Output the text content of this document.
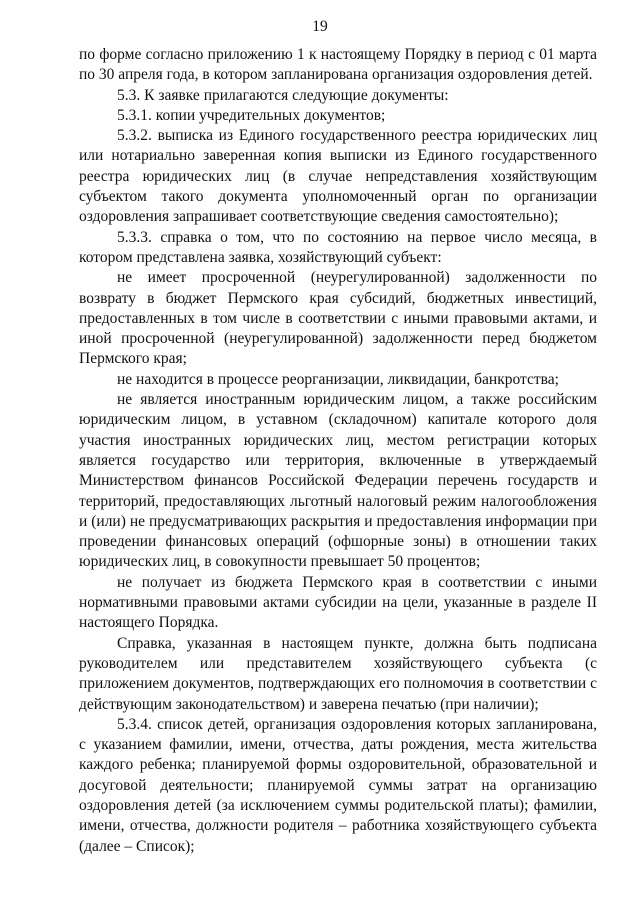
19

по форме согласно приложению 1 к настоящему Порядку в период с 01 марта по 30 апреля года, в котором запланирована организация оздоровления детей.

5.3. К заявке прилагаются следующие документы:

5.3.1. копии учредительных документов;

5.3.2. выписка из Единого государственного реестра юридических лиц или нотариально заверенная копия выписки из Единого государственного реестра юридических лиц (в случае непредставления хозяйствующим субъектом такого документа уполномоченный орган по организации оздоровления запрашивает соответствующие сведения самостоятельно);

5.3.3. справка о том, что по состоянию на первое число месяца, в котором представлена заявка, хозяйствующий субъект:

не имеет просроченной (неурегулированной) задолженности по возврату в бюджет Пермского края субсидий, бюджетных инвестиций, предоставленных в том числе в соответствии с иными правовыми актами, и иной просроченной (неурегулированной) задолженности перед бюджетом Пермского края;

не находится в процессе реорганизации, ликвидации, банкротства;

не является иностранным юридическим лицом, а также российским юридическим лицом, в уставном (складочном) капитале которого доля участия иностранных юридических лиц, местом регистрации которых является государство или территория, включенные в утверждаемый Министерством финансов Российской Федерации перечень государств и территорий, предоставляющих льготный налоговый режим налогообложения и (или) не предусматривающих раскрытия и предоставления информации при проведении финансовых операций (офшорные зоны) в отношении таких юридических лиц, в совокупности превышает 50 процентов;

не получает из бюджета Пермского края в соответствии с иными нормативными правовыми актами субсидии на цели, указанные в разделе II настоящего Порядка.

Справка, указанная в настоящем пункте, должна быть подписана руководителем или представителем хозяйствующего субъекта (с приложением документов, подтверждающих его полномочия в соответствии с действующим законодательством) и заверена печатью (при наличии);

5.3.4. список детей, организация оздоровления которых запланирована, с указанием фамилии, имени, отчества, даты рождения, места жительства каждого ребенка; планируемой формы оздоровительной, образовательной и досуговой деятельности; планируемой суммы затрат на организацию оздоровления детей (за исключением суммы родительской платы); фамилии, имени, отчества, должности родителя – работника хозяйствующего субъекта (далее – Список);
